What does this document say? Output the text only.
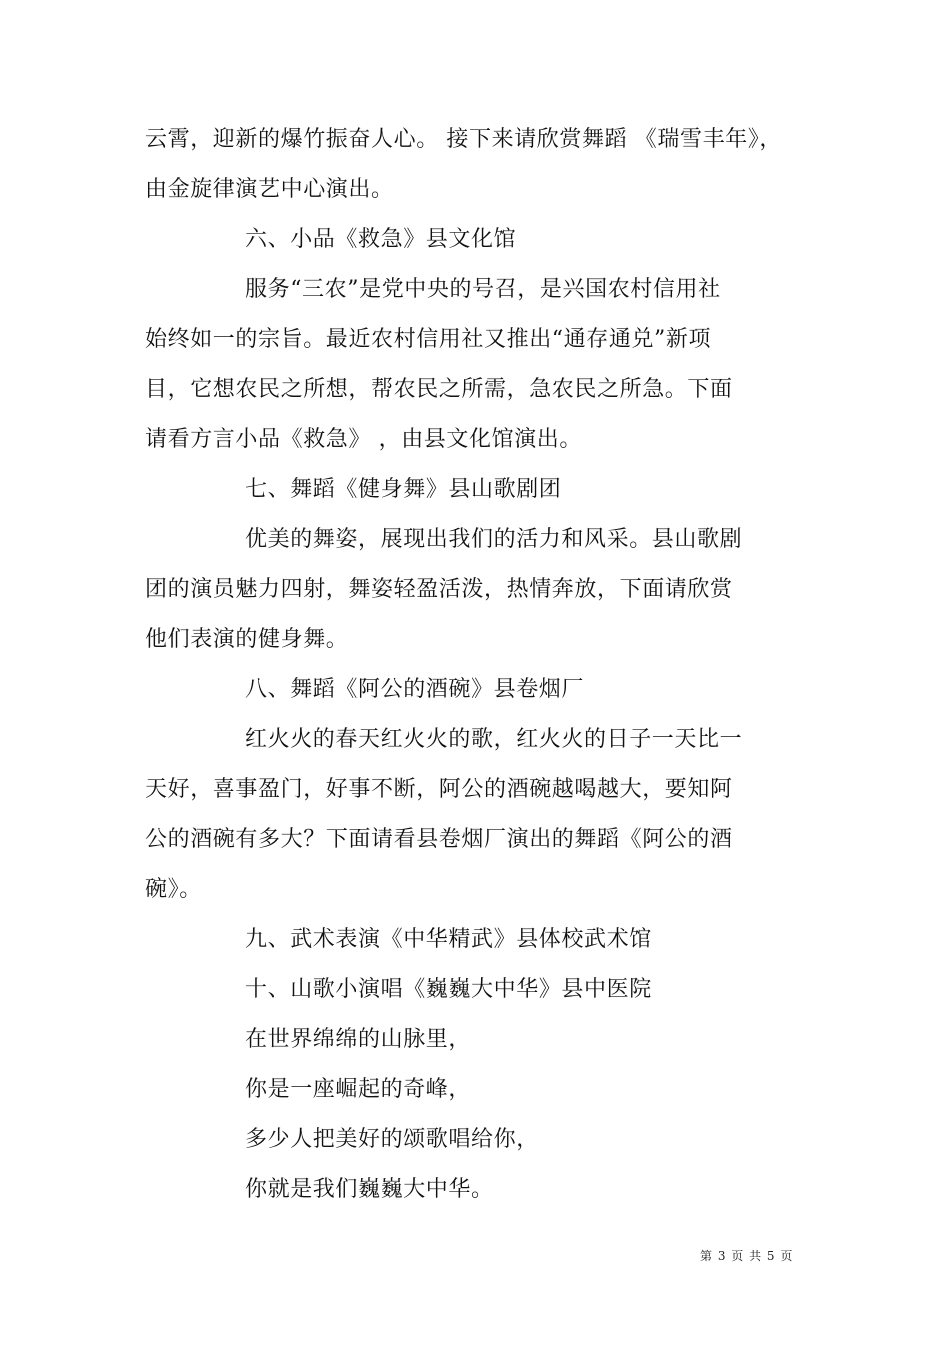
云霄，迎新的爆竹振奋人心。 接下来请欣赏舞蹈 《瑞雪丰年》，
由金旋律演艺中心演出。
六、小品《救急》县文化馆
服务“三农”是党中央的号召，是兴国农村信用社
始终如一的宗旨。最近农村信用社又推出“通存通兑”新项
目，它想农民之所想，帮农民之所需，急农民之所急。下面
请看方言小品《救急》 ，由县文化馆演出。
七、舞蹈《健身舞》县山歌剧团
优美的舞姿，展现出我们的活力和风采。县山歌剧
团的演员魅力四射，舞姿轻盈活泼，热情奔放，下面请欣赏
他们表演的健身舞。
八、舞蹈《阿公的酒碗》县卷烟厂
红火火的春天红火火的歌，红火火的日子一天比一
天好，喜事盈门，好事不断，阿公的酒碗越喝越大，要知阿
公的酒碗有多大？下面请看县卷烟厂演出的舞蹈《阿公的酒
碗》。
九、武术表演《中华精武》县体校武术馆
十、山歌小演唱《巍巍大中华》县中医院
在世界绵绵的山脉里，
你是一座崛起的奇峰，
多少人把美好的颂歌唱给你，
你就是我们巍巍大中华。
第 3 页 共 5 页
